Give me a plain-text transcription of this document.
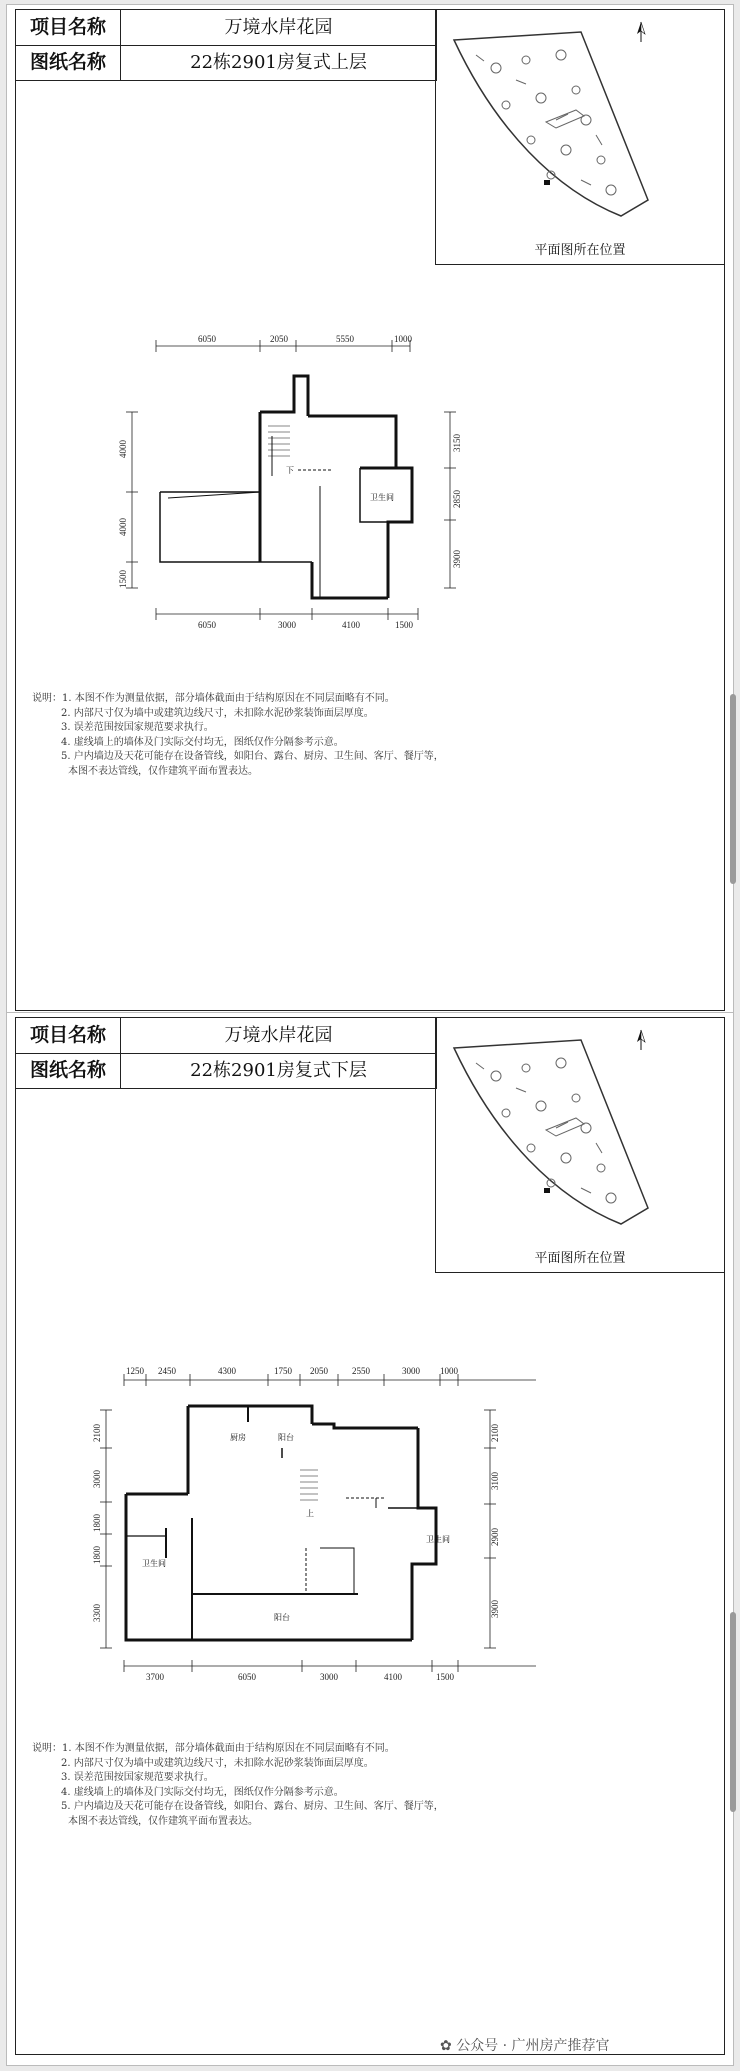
项目名称	万境水岸花园
图纸名称	22栋2901房复式上层
平面图所在位置
6050	2050	5550	1000
6050	3000	4100	1500
4000
4000
1500
3150
2850
3900
下
卫生间
说明：1. 本图不作为测量依据，部分墙体截面由于结构原因在不同层面略有不同。
2. 内部尺寸仅为墙中或建筑边线尺寸，未扣除水泥砂浆装饰面层厚度。
3. 误差范围按国家规范要求执行。
4. 虚线墙上的墙体及门实际交付均无，图纸仅作分隔参考示意。
5. 户内墙边及天花可能存在设备管线，如阳台、露台、厨房、卫生间、客厅、餐厅等，
本图不表达管线，仅作建筑平面布置表达。
项目名称	万境水岸花园
图纸名称	22栋2901房复式下层
平面图所在位置
1250 2450	4300	1750 2050	2550	3000 1000
3700	6050	3000	4100	1500
2100
3000
1800
1800
3300
2100
3100
2900
3900
上
厨房	阳台
卫生间
卫生间
阳台
说明：1. 本图不作为测量依据，部分墙体截面由于结构原因在不同层面略有不同。
2. 内部尺寸仅为墙中或建筑边线尺寸，未扣除水泥砂浆装饰面层厚度。
3. 误差范围按国家规范要求执行。
4. 虚线墙上的墙体及门实际交付均无，图纸仅作分隔参考示意。
5. 户内墙边及天花可能存在设备管线，如阳台、露台、厨房、卫生间、客厅、餐厅等，
本图不表达管线，仅作建筑平面布置表达。
✿ 公众号 · 广州房产推荐官
